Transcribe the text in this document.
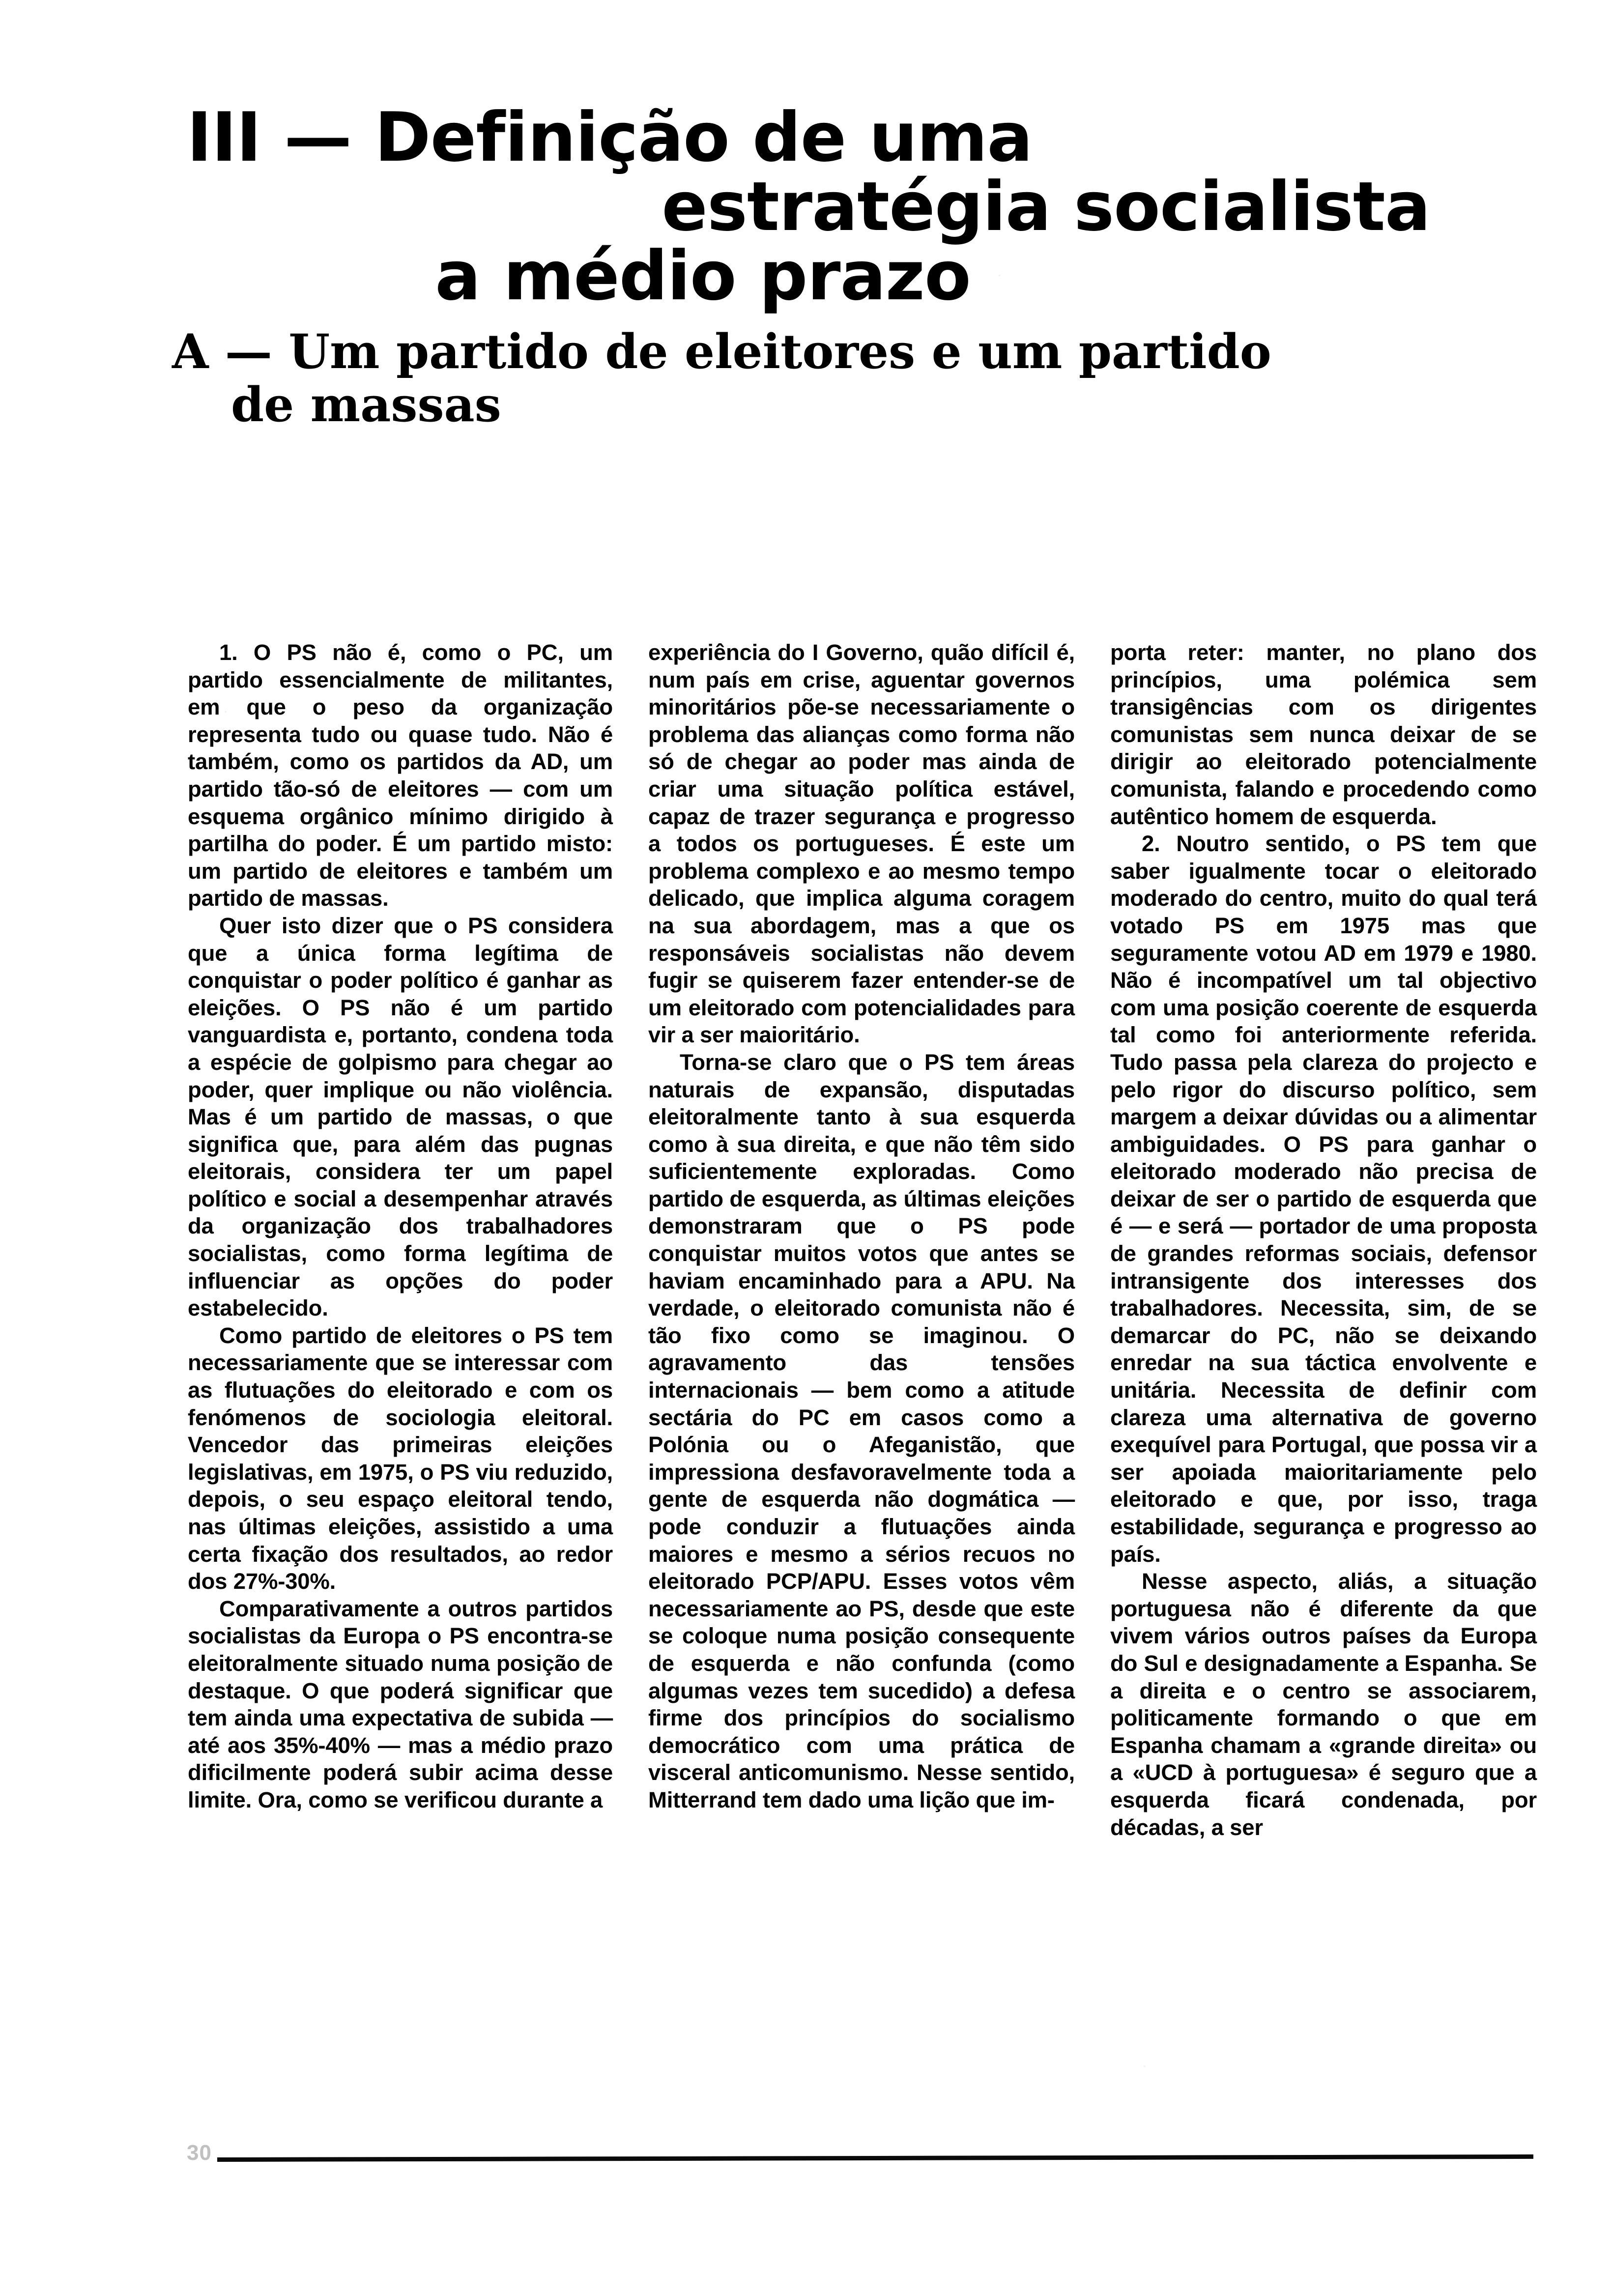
III — Definição de uma
estratégia socialista
a médio prazo
A — Um partido de eleitores e um partido
de massas

1. O PS não é, como o PC, um partido essencialmente de militantes, em que o peso da organização representa tudo ou quase tudo. Não é também, como os partidos da AD, um partido tão-só de eleitores — com um esquema orgânico mínimo dirigido à partilha do poder. É um partido misto: um partido de eleitores e também um partido de massas.

Quer isto dizer que o PS considera que a única forma legítima de conquistar o poder político é ganhar as eleições. O PS não é um partido vanguardista e, portanto, condena toda a espécie de golpismo para chegar ao poder, quer implique ou não violência. Mas é um partido de massas, o que significa que, para além das pugnas eleitorais, considera ter um papel político e social a desempenhar através da organização dos trabalhadores socialistas, como forma legítima de influenciar as opções do poder estabelecido.

Como partido de eleitores o PS tem necessariamente que se interessar com as flutuações do eleitorado e com os fenómenos de sociologia eleitoral. Vencedor das primeiras eleições legislativas, em 1975, o PS viu reduzido, depois, o seu espaço eleitoral tendo, nas últimas eleições, assistido a uma certa fixação dos resultados, ao redor dos 27%-30%.

Comparativamente a outros partidos socialistas da Europa o PS encontra-se eleitoralmente situado numa posição de destaque. O que poderá significar que tem ainda uma expectativa de subida — até aos 35%-40% — mas a médio prazo dificilmente poderá subir acima desse limite. Ora, como se verificou durante a

experiência do I Governo, quão difícil é, num país em crise, aguentar governos minoritários põe-se necessariamente o problema das alianças como forma não só de chegar ao poder mas ainda de criar uma situação política estável, capaz de trazer segurança e progresso a todos os portugueses. É este um problema complexo e ao mesmo tempo delicado, que implica alguma coragem na sua abordagem, mas a que os responsáveis socialistas não devem fugir se quiserem fazer entender-se de um eleitorado com potencialidades para vir a ser maioritário.

Torna-se claro que o PS tem áreas naturais de expansão, disputadas eleitoralmente tanto à sua esquerda como à sua direita, e que não têm sido suficientemente exploradas. Como partido de esquerda, as últimas eleições demonstraram que o PS pode conquistar muitos votos que antes se haviam encaminhado para a APU. Na verdade, o eleitorado comunista não é tão fixo como se imaginou. O agravamento das tensões internacionais — bem como a atitude sectária do PC em casos como a Polónia ou o Afeganistão, que impressiona desfavoravelmente toda a gente de esquerda não dogmática — pode conduzir a flutuações ainda maiores e mesmo a sérios recuos no eleitorado PCP/APU. Esses votos vêm necessariamente ao PS, desde que este se coloque numa posição consequente de esquerda e não confunda (como algumas vezes tem sucedido) a defesa firme dos princípios do socialismo democrático com uma prática de visceral anticomunismo. Nesse sentido, Mitterrand tem dado uma lição que im-

porta reter: manter, no plano dos princípios, uma polémica sem transigências com os dirigentes comunistas sem nunca deixar de se dirigir ao eleitorado potencialmente comunista, falando e procedendo como autêntico homem de esquerda.

2. Noutro sentido, o PS tem que saber igualmente tocar o eleitorado moderado do centro, muito do qual terá votado PS em 1975 mas que seguramente votou AD em 1979 e 1980. Não é incompatível um tal objectivo com uma posição coerente de esquerda tal como foi anteriormente referida. Tudo passa pela clareza do projecto e pelo rigor do discurso político, sem margem a deixar dúvidas ou a alimentar ambiguidades. O PS para ganhar o eleitorado moderado não precisa de deixar de ser o partido de esquerda que é — e será — portador de uma proposta de grandes reformas sociais, defensor intransigente dos interesses dos trabalhadores. Necessita, sim, de se demarcar do PC, não se deixando enredar na sua táctica envolvente e unitária. Necessita de definir com clareza uma alternativa de governo exequível para Portugal, que possa vir a ser apoiada maioritariamente pelo eleitorado e que, por isso, traga estabilidade, segurança e progresso ao país.

Nesse aspecto, aliás, a situação portuguesa não é diferente da que vivem vários outros países da Europa do Sul e designadamente a Espanha. Se a direita e o centro se associarem, politicamente formando o que em Espanha chamam a «grande direita» ou a «UCD à portuguesa» é seguro que a esquerda ficará condenada, por décadas, a ser

30
